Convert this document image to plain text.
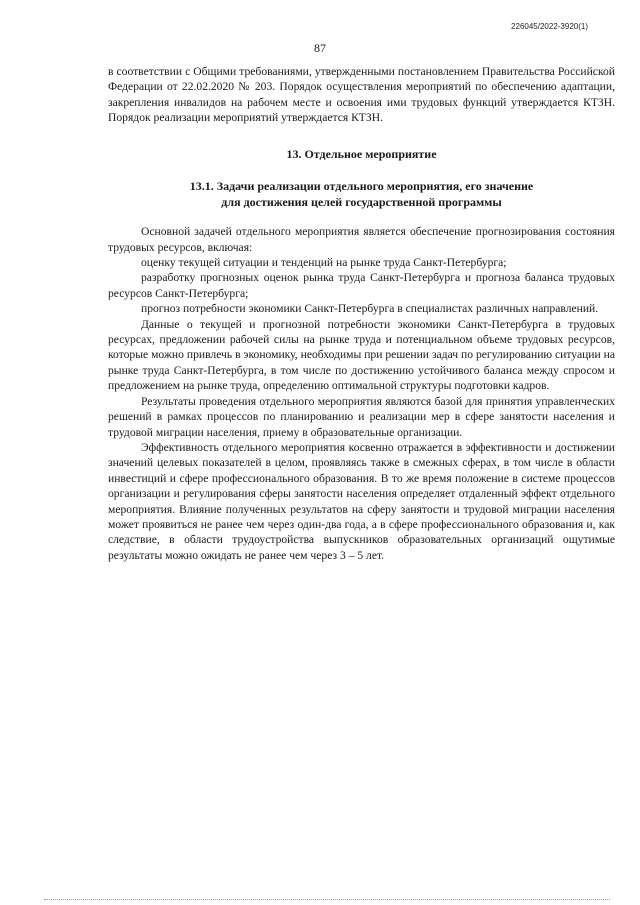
226045/2022-3920(1)
87

в соответствии с Общими требованиями, утвержденными постановлением Правительства Российской Федерации от 22.02.2020 № 203. Порядок осуществления мероприятий по обеспечению адаптации, закрепления инвалидов на рабочем месте и освоения ими трудовых функций утверждается КТЗН. Порядок реализации мероприятий утверждается КТЗН.

13. Отдельное мероприятие
13.1. Задачи реализации отдельного мероприятия, его значение
для достижения целей государственной программы

Основной задачей отдельного мероприятия является обеспечение прогнозирования состояния трудовых ресурсов, включая:

оценку текущей ситуации и тенденций на рынке труда Санкт-Петербурга;

разработку прогнозных оценок рынка труда Санкт-Петербурга и прогноза баланса трудовых ресурсов Санкт-Петербурга;

прогноз потребности экономики Санкт-Петербурга в специалистах различных направлений.

Данные о текущей и прогнозной потребности экономики Санкт-Петербурга в трудовых ресурсах, предложении рабочей силы на рынке труда и потенциальном объеме трудовых ресурсов, которые можно привлечь в экономику, необходимы при решении задач по регулированию ситуации на рынке труда Санкт-Петербурга, в том числе по достижению устойчивого баланса между спросом и предложением на рынке труда, определению оптимальной структуры подготовки кадров.

Результаты проведения отдельного мероприятия являются базой для принятия управленческих решений в рамках процессов по планированию и реализации мер в сфере занятости населения и трудовой миграции населения, приему в образовательные организации.

Эффективность отдельного мероприятия косвенно отражается в эффективности и достижении значений целевых показателей в целом, проявляясь также в смежных сферах, в том числе в области инвестиций и сфере профессионального образования. В то же время положение в системе процессов организации и регулирования сферы занятости населения определяет отдаленный эффект отдельного мероприятия. Влияние полученных результатов на сферу занятости и трудовой миграции населения может проявиться не ранее чем через один-два года, а в сфере профессионального образования и, как следствие, в области трудоустройства выпускников образовательных организаций ощутимые результаты можно ожидать не ранее чем через 3 – 5 лет.
